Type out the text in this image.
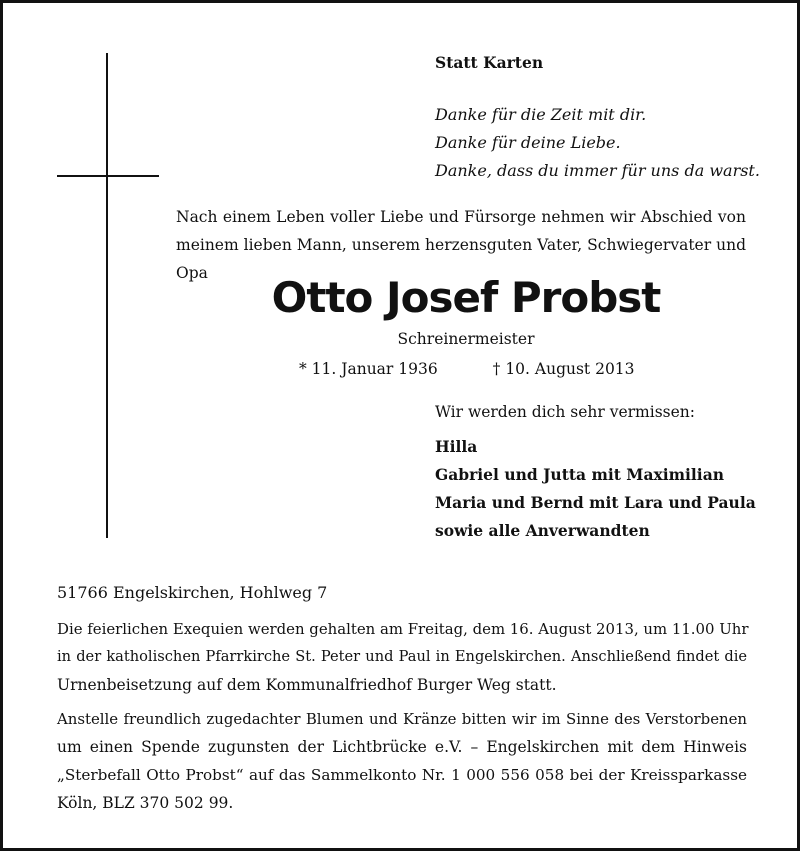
Statt Karten
Danke für die Zeit mit dir.
Danke für deine Liebe.
Danke, dass du immer für uns da warst.
Nach einem Leben voller Liebe und Fürsorge nehmen wir Abschied von
meinem lieben Mann, unserem herzensguten Vater, Schwiegervater und Opa	Otto Josef Probst
Schreinermeister
* 11. Januar 1936	† 10. August 2013
Wir werden dich sehr vermissen:
Hilla
Gabriel und Jutta mit Maximilian
Maria und Bernd mit Lara und Paula
sowie alle Anverwandten
51766 Engelskirchen, Hohlweg 7
Die feierlichen Exequien werden gehalten am Freitag, dem 16. August 2013, um 11.00 Uhr
in der katholischen Pfarrkirche St. Peter und Paul in Engelskirchen. Anschließend findet die
Urnenbeisetzung auf dem Kommunalfriedhof Burger Weg statt.
Anstelle freundlich zugedachter Blumen und Kränze bitten wir im Sinne des Verstorbenen
um einen Spende zugunsten der Lichtbrücke e.V. – Engelskirchen mit dem Hinweis
„Sterbefall Otto Probst“ auf das Sammelkonto Nr. 1 000 556 058 bei der Kreissparkasse
Köln, BLZ 370 502 99.
